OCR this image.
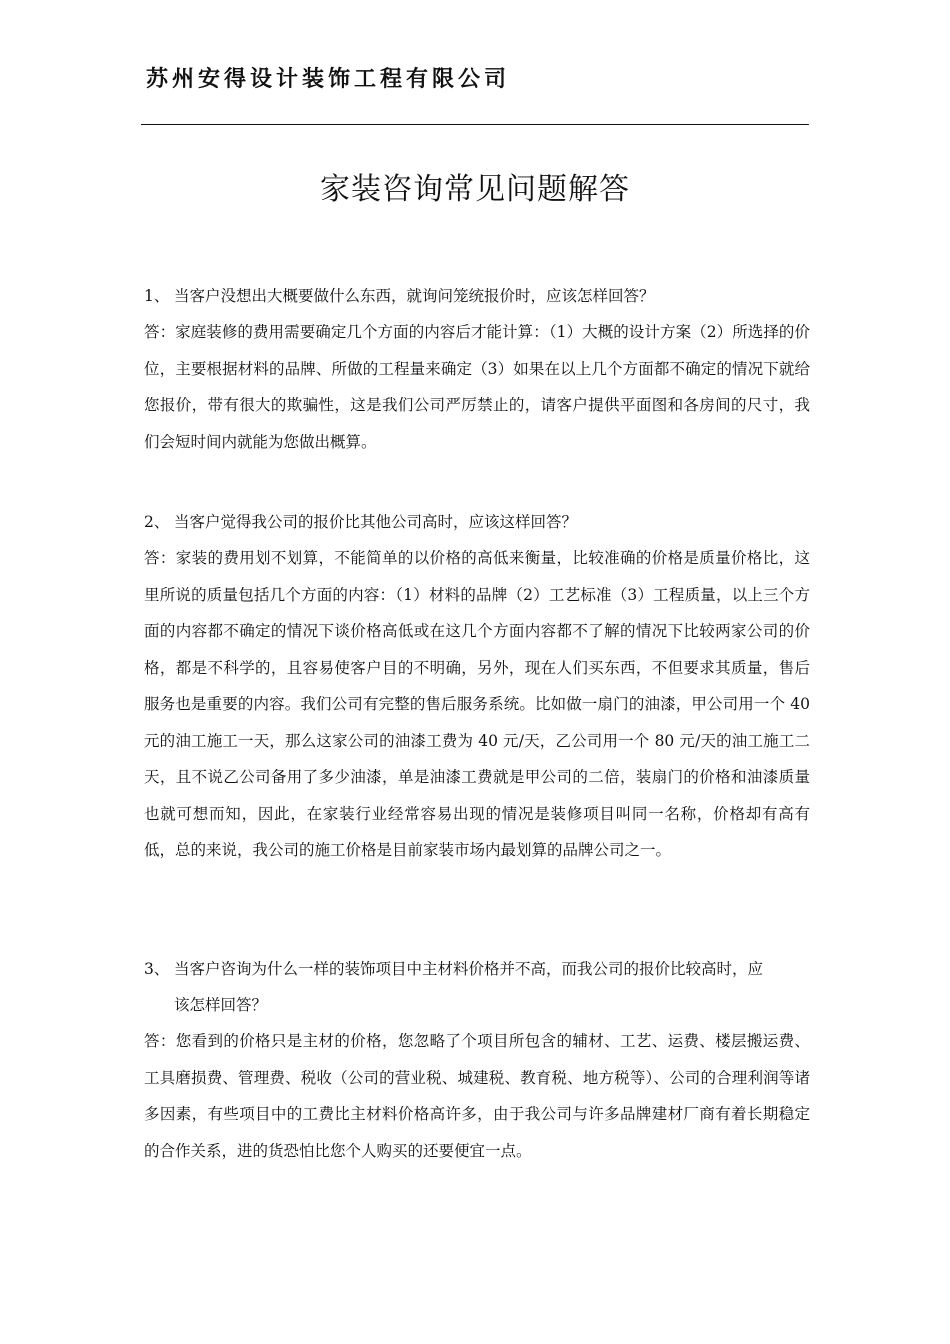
苏州安得设计装饰工程有限公司
家装咨询常见问题解答
1、 当客户没想出大概要做什么东西，就询问笼统报价时，应该怎样回答？
答：家庭装修的费用需要确定几个方面的内容后才能计算：（1）大概的设计方案（2）所选择的价位，主要根据材料的品牌、所做的工程量来确定（3）如果在以上几个方面都不确定的情况下就给您报价，带有很大的欺骗性，这是我们公司严厉禁止的，请客户提供平面图和各房间的尺寸，我们会短时间内就能为您做出概算。
2、 当客户觉得我公司的报价比其他公司高时，应该这样回答？
答：家装的费用划不划算，不能简单的以价格的高低来衡量，比较准确的价格是质量价格比，这里所说的质量包括几个方面的内容：（1）材料的品牌（2）工艺标准（3）工程质量，以上三个方面的内容都不确定的情况下谈价格高低或在这几个方面内容都不了解的情况下比较两家公司的价格，都是不科学的，且容易使客户目的不明确，另外，现在人们买东西，不但要求其质量，售后服务也是重要的内容。我们公司有完整的售后服务系统。比如做一扇门的油漆，甲公司用一个 40 元的油工施工一天，那么这家公司的油漆工费为 40 元/天，乙公司用一个 80 元/天的油工施工二天，且不说乙公司备用了多少油漆，单是油漆工费就是甲公司的二倍，装扇门的价格和油漆质量也就可想而知，因此，在家装行业经常容易出现的情况是装修项目叫同一名称，价格却有高有低，总的来说，我公司的施工价格是目前家装市场内最划算的品牌公司之一。
3、 当客户咨询为什么一样的装饰项目中主材料价格并不高，而我公司的报价比较高时，应
该怎样回答？
答：您看到的价格只是主材的价格，您忽略了个项目所包含的辅材、工艺、运费、楼层搬运费、工具磨损费、管理费、税收（公司的营业税、城建税、教育税、地方税等）、公司的合理利润等诸多因素，有些项目中的工费比主材料价格高许多，由于我公司与许多品牌建材厂商有着长期稳定的合作关系，进的货恐怕比您个人购买的还要便宜一点。
